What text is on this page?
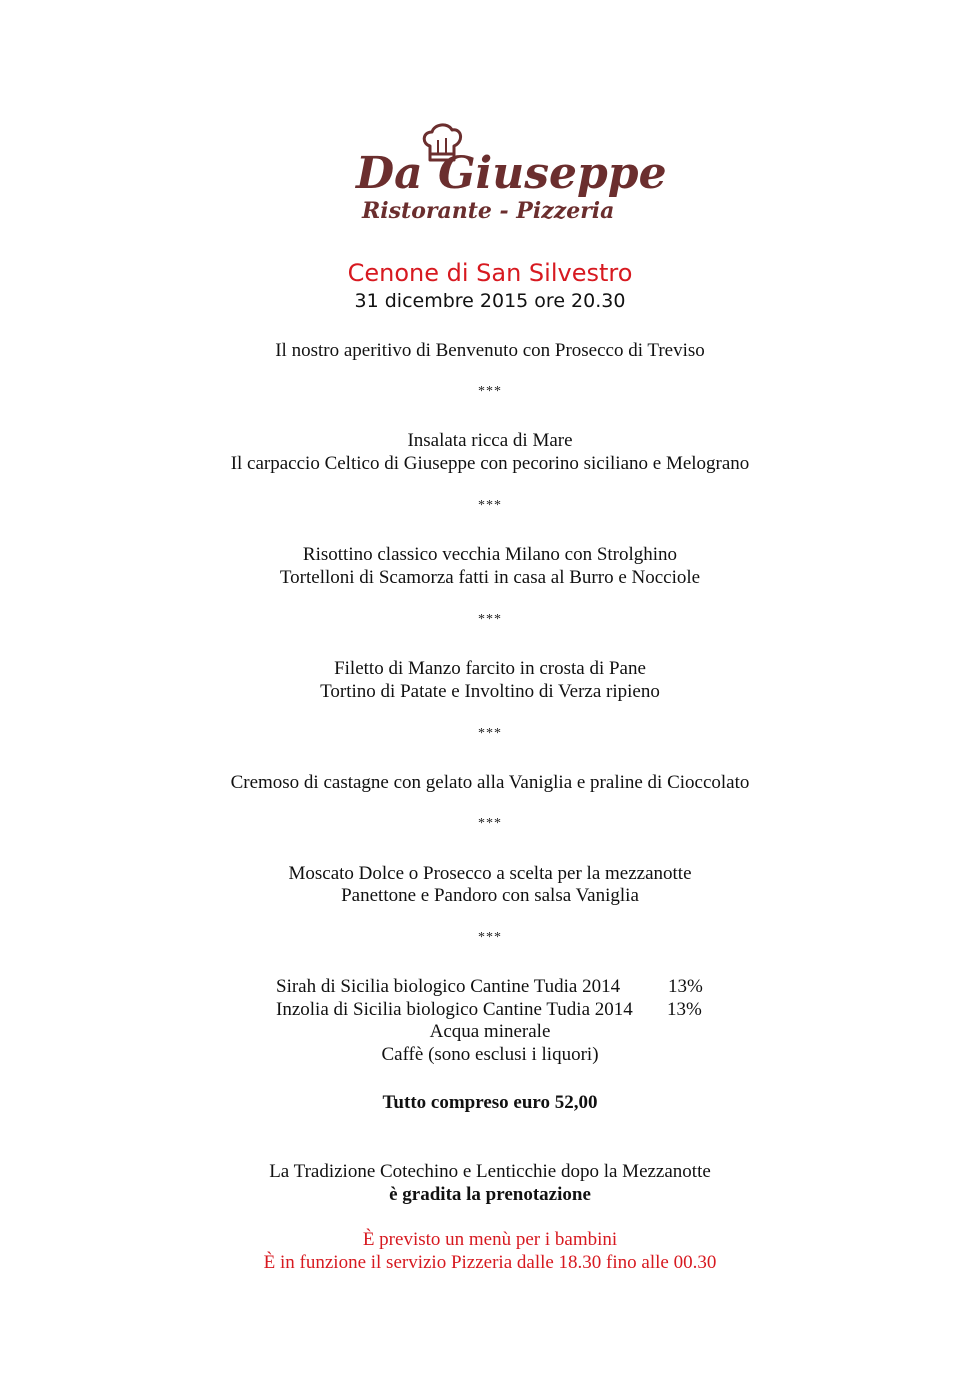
Da Giuseppe
Ristorante - Pizzeria
Cenone di San Silvestro
31 dicembre 2015 ore 20.30
Il nostro aperitivo di Benvenuto con Prosecco di Treviso
***
Insalata ricca di Mare
Il carpaccio Celtico di Giuseppe con pecorino siciliano e Melograno
***
Risottino classico vecchia Milano con Strolghino
Tortelloni di Scamorza fatti in casa al Burro e Nocciole
***
Filetto di Manzo farcito in crosta di Pane
Tortino di Patate e Involtino di Verza ripieno
***
Cremoso di castagne con gelato alla Vaniglia e praline di Cioccolato
***
Moscato Dolce o Prosecco a scelta per la mezzanotte
Panettone e Pandoro con salsa Vaniglia
***
Sirah di Sicilia biologico Cantine Tudia 2014	13%
Inzolia di Sicilia biologico Cantine Tudia 2014 13%
Acqua minerale
Caffè (sono esclusi i liquori)
Tutto compreso euro 52,00
La Tradizione Cotechino e Lenticchie dopo la Mezzanotte
è gradita la prenotazione
È previsto un menù per i bambini
È in funzione il servizio Pizzeria dalle 18.30 fino alle 00.30
